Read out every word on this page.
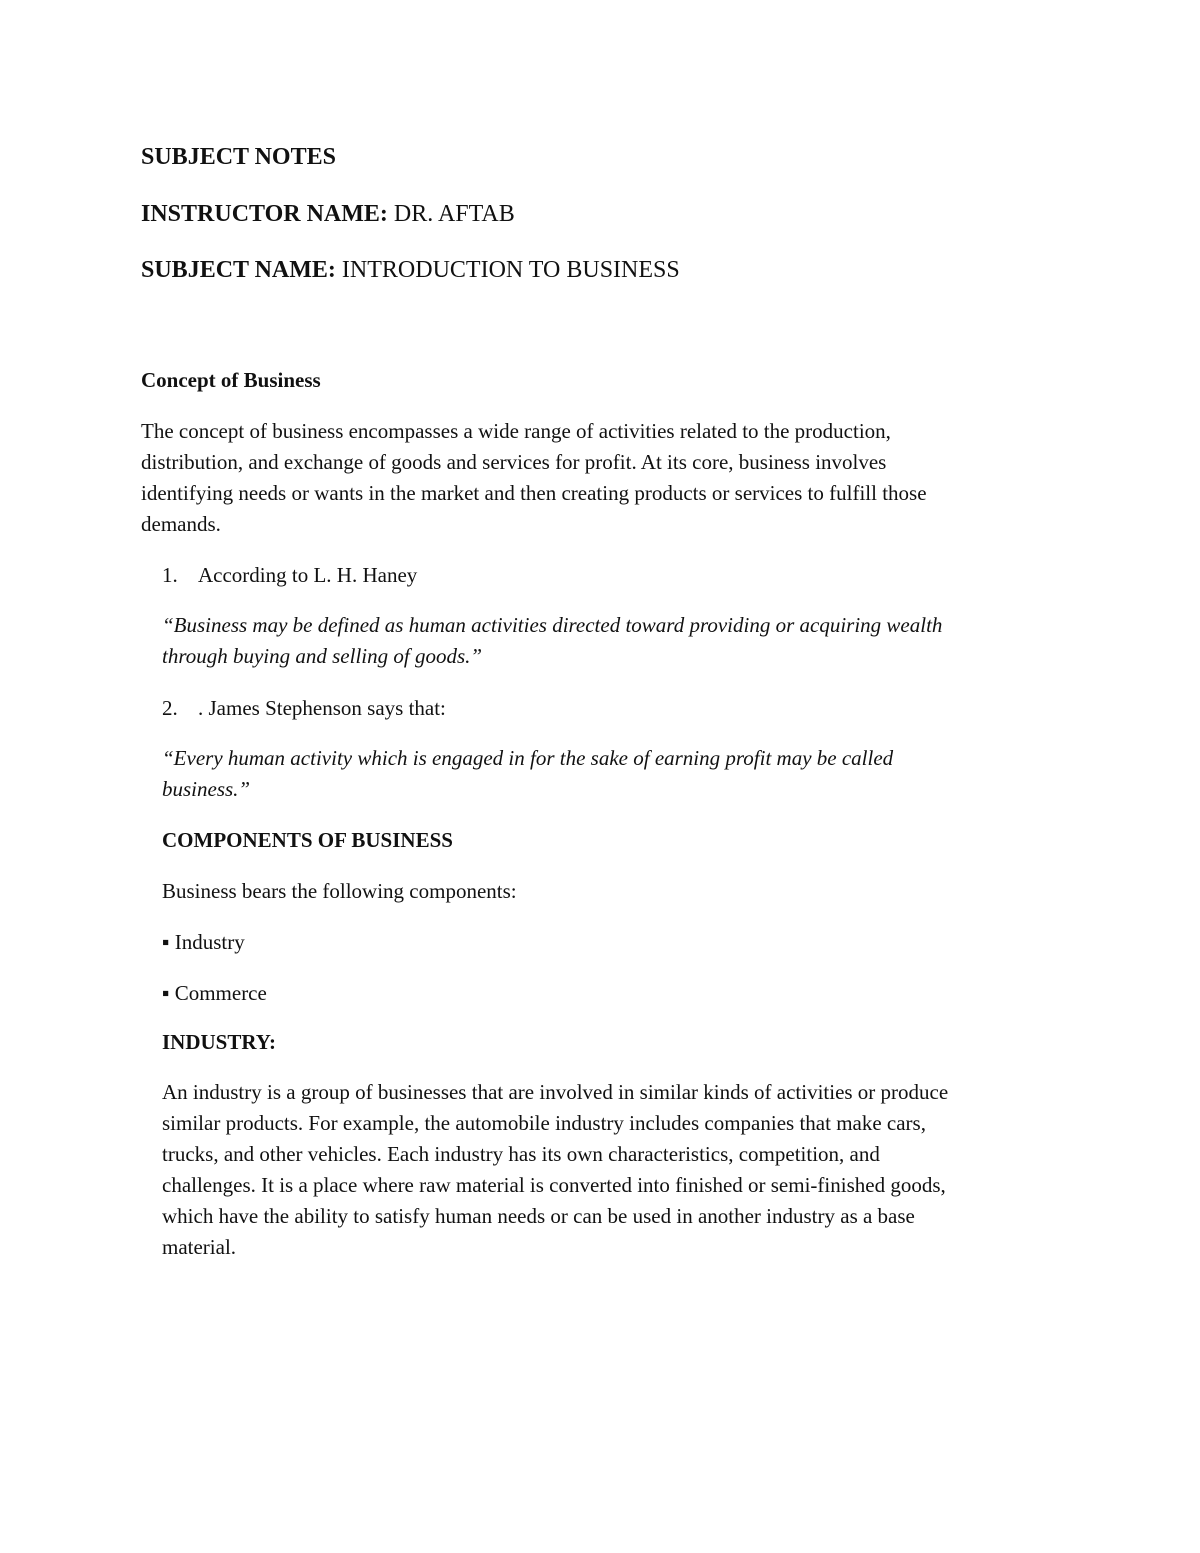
SUBJECT NOTES
INSTRUCTOR NAME: DR. AFTAB
SUBJECT NAME: INTRODUCTION TO BUSINESS
Concept of Business
The concept of business encompasses a wide range of activities related to the production,
distribution, and exchange of goods and services for profit. At its core, business involves
identifying needs or wants in the market and then creating products or services to fulfill those
demands.
1. According to L. H. Haney
“Business may be defined as human activities directed toward providing or acquiring wealth
through buying and selling of goods.”
2. . James Stephenson says that:
“Every human activity which is engaged in for the sake of earning profit may be called
business.”
COMPONENTS OF BUSINESS
Business bears the following components:
▪ Industry
▪ Commerce
INDUSTRY:
An industry is a group of businesses that are involved in similar kinds of activities or produce
similar products. For example, the automobile industry includes companies that make cars,
trucks, and other vehicles. Each industry has its own characteristics, competition, and
challenges. It is a place where raw material is converted into finished or semi-finished goods,
which have the ability to satisfy human needs or can be used in another industry as a base
material.
